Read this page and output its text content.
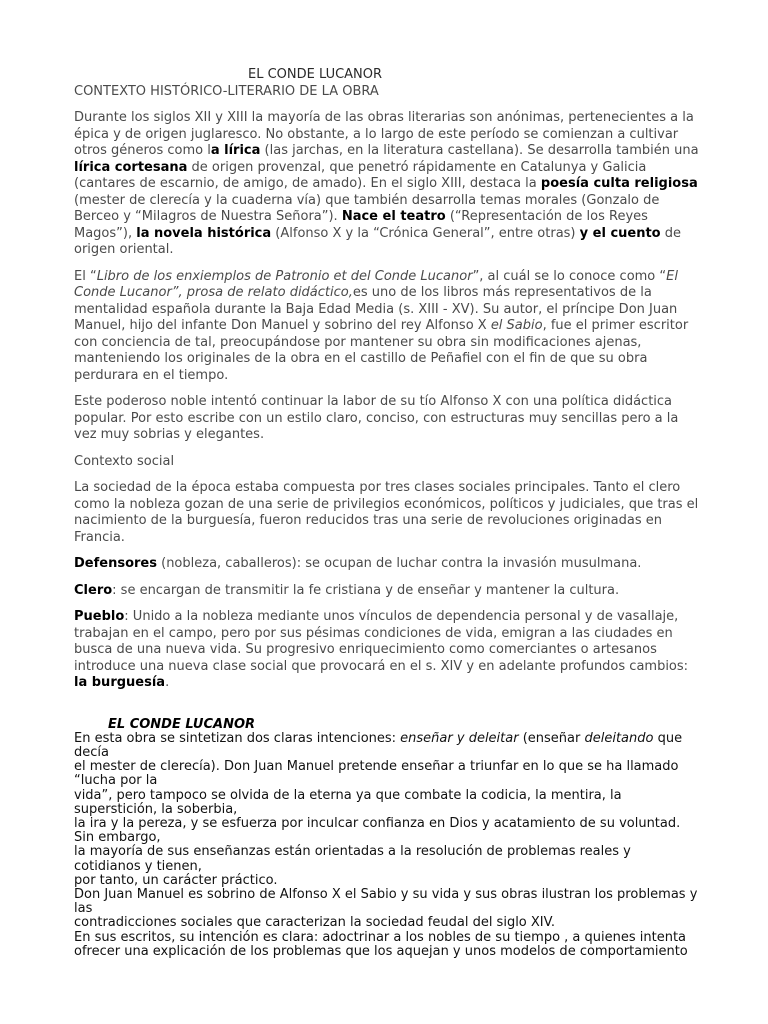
EL CONDE LUCANOR
CONTEXTO HISTÓRICO-LITERARIO DE LA OBRA

Durante los siglos XII y XIII la mayoría de las obras literarias son anónimas, pertenecientes a la épica y de origen juglaresco. No obstante, a lo largo de este período se comienzan a cultivar otros géneros como la lírica (las jarchas, en la literatura castellana). Se desarrolla también una lírica cortesana de origen provenzal, que penetró rápidamente en Catalunya y Galicia (cantares de escarnio, de amigo, de amado). En el siglo XIII, destaca la poesía culta religiosa (mester de clerecía y la cuaderna vía) que también desarrolla temas morales (Gonzalo de Berceo y “Milagros de Nuestra Señora”). Nace el teatro (“Representación de los Reyes Magos”), la novela histórica (Alfonso X y la “Crónica General”, entre otras) y el cuento de origen oriental.

El “Libro de los enxiemplos de Patronio et del Conde Lucanor”, al cuál se lo conoce como “El Conde Lucanor”, prosa de relato didáctico,es uno de los libros más representativos de la mentalidad española durante la Baja Edad Media (s. XIII - XV). Su autor, el príncipe Don Juan Manuel, hijo del infante Don Manuel y sobrino del rey Alfonso X el Sabio, fue el primer escritor con conciencia de tal, preocupándose por mantener su obra sin modificaciones ajenas, manteniendo los originales de la obra en el castillo de Peñafiel con el fin de que su obra perdurara en el tiempo.

Este poderoso noble intentó continuar la labor de su tío Alfonso X con una política didáctica popular. Por esto escribe con un estilo claro, conciso, con estructuras muy sencillas pero a la vez muy sobrias y elegantes.

Contexto social

La sociedad de la época estaba compuesta por tres clases sociales principales. Tanto el clero como la nobleza gozan de una serie de privilegios económicos, políticos y judiciales, que tras el nacimiento de la burguesía, fueron reducidos tras una serie de revoluciones originadas en Francia.

Defensores (nobleza, caballeros): se ocupan de luchar contra la invasión musulmana.

Clero: se encargan de transmitir la fe cristiana y de enseñar y mantener la cultura.

Pueblo: Unido a la nobleza mediante unos vínculos de dependencia personal y de vasallaje, trabajan en el campo, pero por sus pésimas condiciones de vida, emigran a las ciudades en busca de una nueva vida. Su progresivo enriquecimiento como comerciantes o artesanos introduce una nueva clase social que provocará en el s. XIV y en adelante profundos cambios: la burguesía.

EL CONDE LUCANOR

En esta obra se sintetizan dos claras intenciones: enseñar y deleitar (enseñar deleitando que

decía

el mester de clerecía). Don Juan Manuel pretende enseñar a triunfar en lo que se ha llamado

“lucha por la

vida”, pero tampoco se olvida de la eterna ya que combate la codicia, la mentira, la

superstición, la soberbia,

la ira y la pereza, y se esfuerza por inculcar confianza en Dios y acatamiento de su voluntad.

Sin embargo,

la mayoría de sus enseñanzas están orientadas a la resolución de problemas reales y

cotidianos y tienen,

por tanto, un carácter práctico.

Don Juan Manuel es sobrino de Alfonso X el Sabio y su vida y sus obras ilustran los problemas y

las

contradicciones sociales que caracterizan la sociedad feudal del siglo XIV.

En sus escritos, su intención es clara: adoctrinar a los nobles de su tiempo , a quienes intenta

ofrecer una explicación de los problemas que los aquejan y unos modelos de comportamiento
